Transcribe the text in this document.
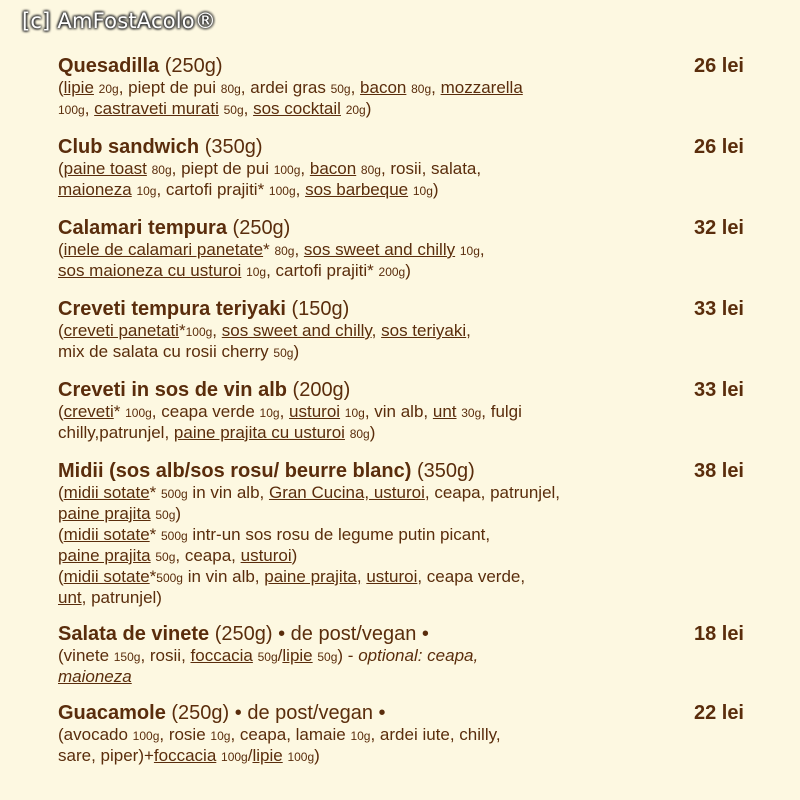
[c] AmFostAcolo®
Quesadilla (250g)	26 lei
(lipie 20g, piept de pui 80g, ardei gras 50g, bacon 80g, mozzarella
100g, castraveti murati 50g, sos cocktail 20g)
Club sandwich (350g)	26 lei
(paine toast 80g, piept de pui 100g, bacon 80g, rosii, salata,
maioneza 10g, cartofi prajiti* 100g, sos barbeque 10g)
Calamari tempura (250g)	32 lei
(inele de calamari panetate* 80g, sos sweet and chilly 10g,
sos maioneza cu usturoi 10g, cartofi prajiti* 200g)
Creveti tempura teriyaki (150g)	33 lei
(creveti panetati*100g, sos sweet and chilly, sos teriyaki,
mix de salata cu rosii cherry 50g)
Creveti in sos de vin alb (200g)	33 lei
(creveti* 100g, ceapa verde 10g, usturoi 10g, vin alb, unt 30g, fulgi
chilly,patrunjel, paine prajita cu usturoi 80g)
Midii (sos alb/sos rosu/ beurre blanc) (350g)	38 lei
(midii sotate* 500g in vin alb, Gran Cucina, usturoi, ceapa, patrunjel,
paine prajita 50g)
(midii sotate* 500g intr-un sos rosu de legume putin picant,
paine prajita 50g, ceapa, usturoi)
(midii sotate*500g in vin alb, paine prajita, usturoi, ceapa verde,
unt, patrunjel)
Salata de vinete (250g) • de post/vegan •	18 lei
(vinete 150g, rosii, foccacia 50g/lipie 50g) - optional: ceapa,
maioneza
Guacamole (250g) • de post/vegan •	22 lei
(avocado 100g, rosie 10g, ceapa, lamaie 10g, ardei iute, chilly,
sare, piper)+foccacia 100g/lipie 100g)
